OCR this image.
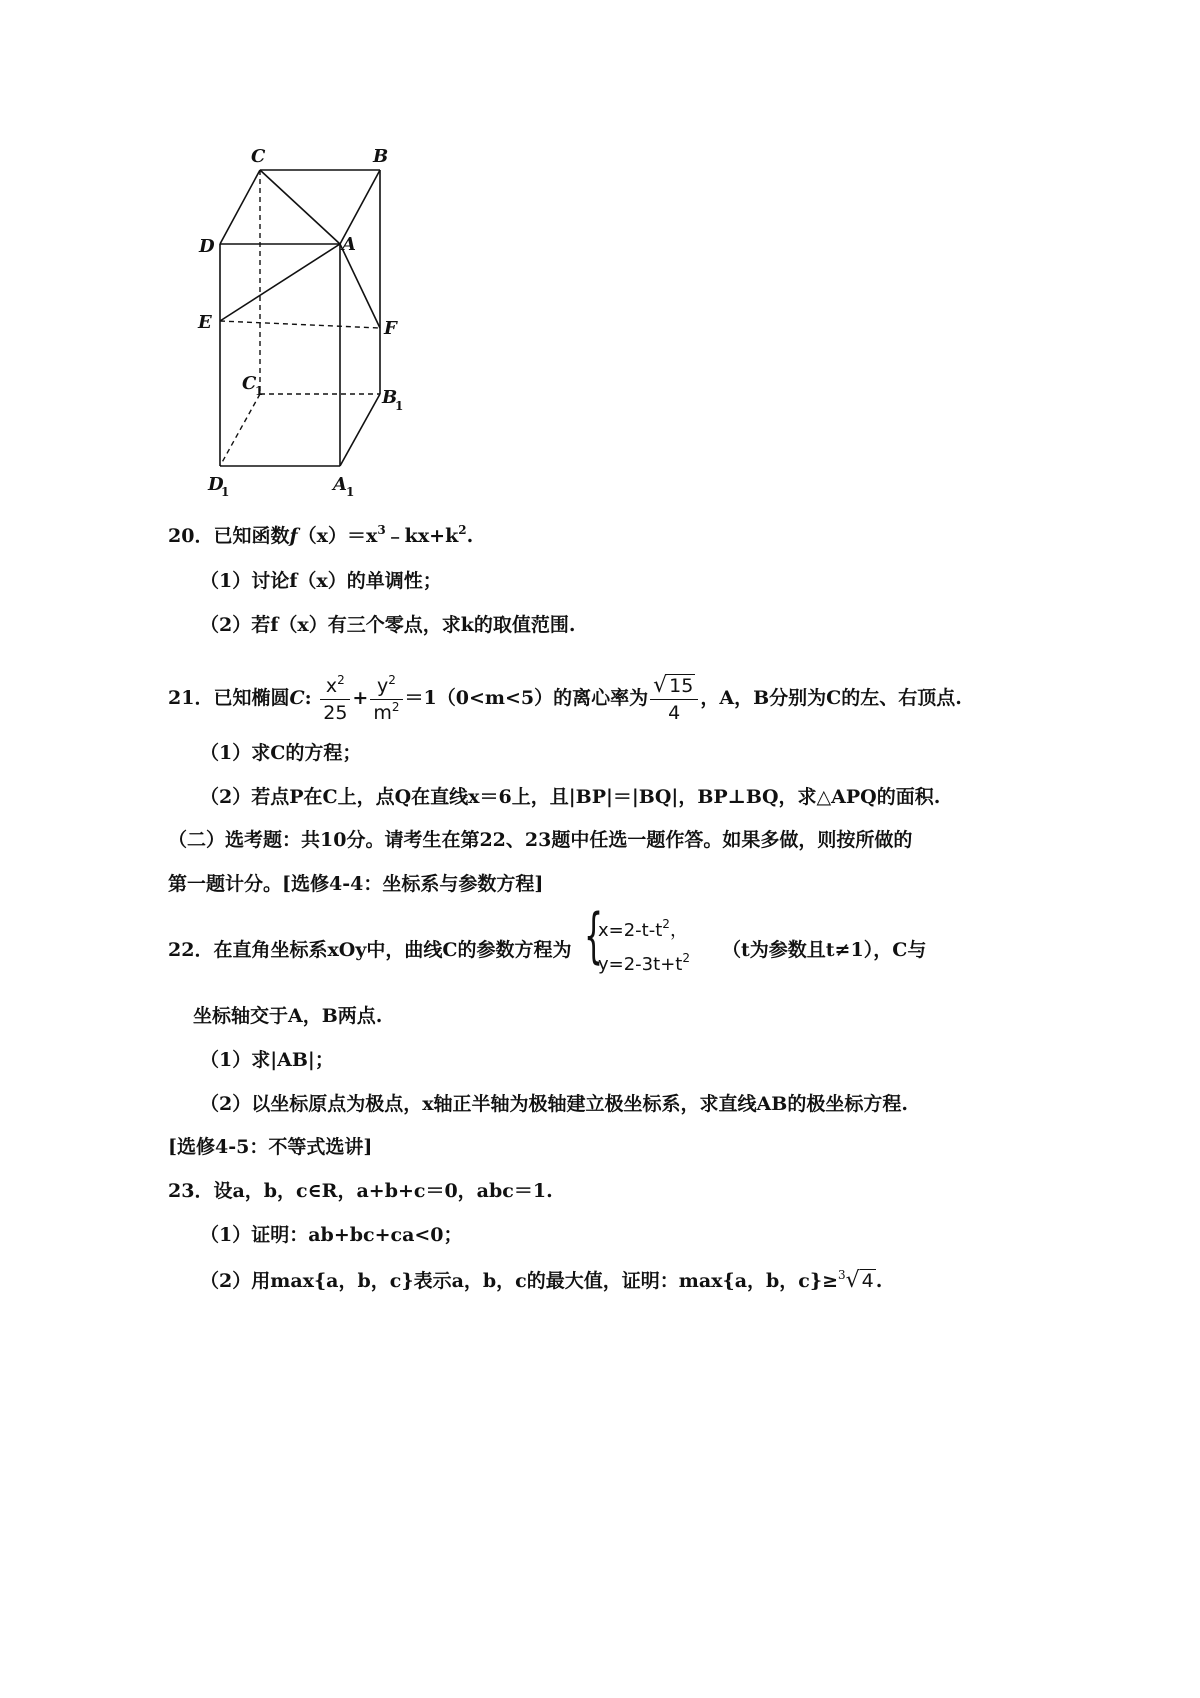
C	B
D	A
E	F
C
1	B
1
D
1	A 1
20．已知函数$f(x)=x^3﹣kx+k^2$.
（1）讨论f（x）的单调性；
（2）若f（x）有三个零点，求k的取值范围.
21．已知椭圆C: $\frac{x^2}{25} + \frac{y^2}{m^2} =1(0<m<5)$的离心率为 $\frac{√ 15}{4}$ ，A，B分别为C的左、右顶点.
（1）求C的方程；
（2）若点P在C上，点Q在直线x＝6上，且|BP|＝|BQ|，BP⊥BQ，求△APQ的面积.
（二）选考题：共10分。请考生在第22、23题中任选一题作答。如果多做，则按所做的
第一题计分。[选修4-4：坐标系与参数方程]
22．在直角坐标系xOy中，曲线C的参数方程为 {
$x=2-t-t^2$，
$y=2-3t+t^2$ （t为参数且t≠1），C与
坐标轴交于A，B两点.
（1）求|AB|；
（2）以坐标原点为极点，x轴正半轴为极轴建立极坐标系，求直线AB的极坐标方程.
[选修4-5：不等式选讲]
23．设a，b，c∈R，a+b+c＝0，abc＝1.
（1）证明：ab+bc+ca<0；
（2）用max{a，b，c}表示a，b，c的最大值，证明：max{a，b，c}≥$^3$√ 4 .
